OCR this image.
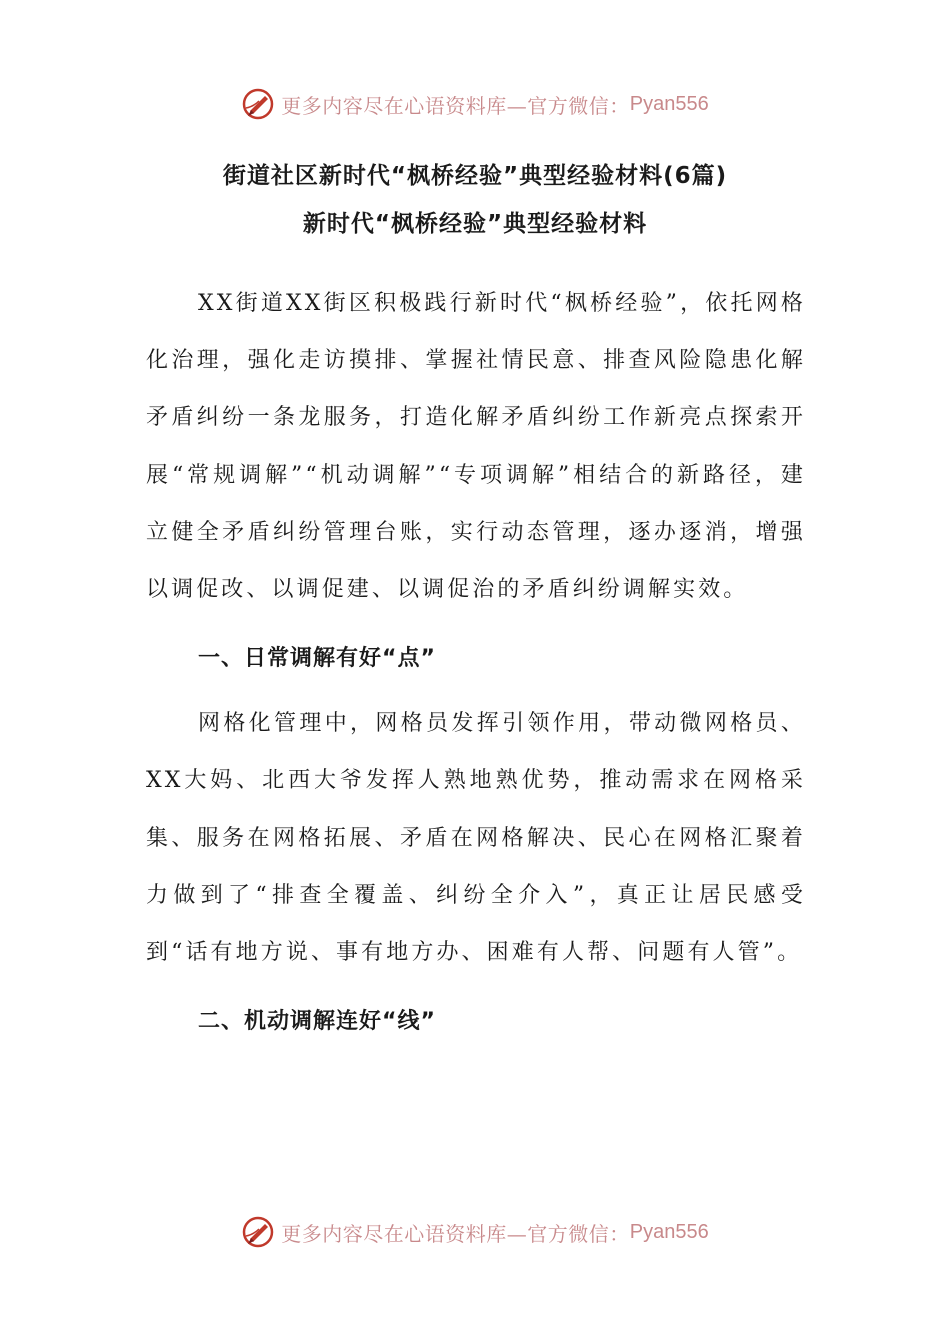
更多内容尽在心语资料库—官方微信： Pyan556
街道社区新时代“枫桥经验”典型经验材料(6篇)
新时代“枫桥经验”典型经验材料

XX街道XX街区积极践行新时代“枫桥经验”，依托网格化治理，强化走访摸排、掌握社情民意、排查风险隐患化解矛盾纠纷一条龙服务，打造化解矛盾纠纷工作新亮点探索开展“常规调解”“机动调解”“专项调解”相结合的新路径，建立健全矛盾纠纷管理台账，实行动态管理，逐办逐消，增强以调促改、以调促建、以调促治的矛盾纠纷调解实效。

一、日常调解有好“点”

网格化管理中，网格员发挥引领作用，带动微网格员、XX大妈、北西大爷发挥人熟地熟优势，推动需求在网格采集、服务在网格拓展、矛盾在网格解决、民心在网格汇聚着力做到了“排查全覆盖、纠纷全介入”，真正让居民感受到“话有地方说、事有地方办、困难有人帮、问题有人管”。

二、机动调解连好“线”
更多内容尽在心语资料库—官方微信： Pyan556
